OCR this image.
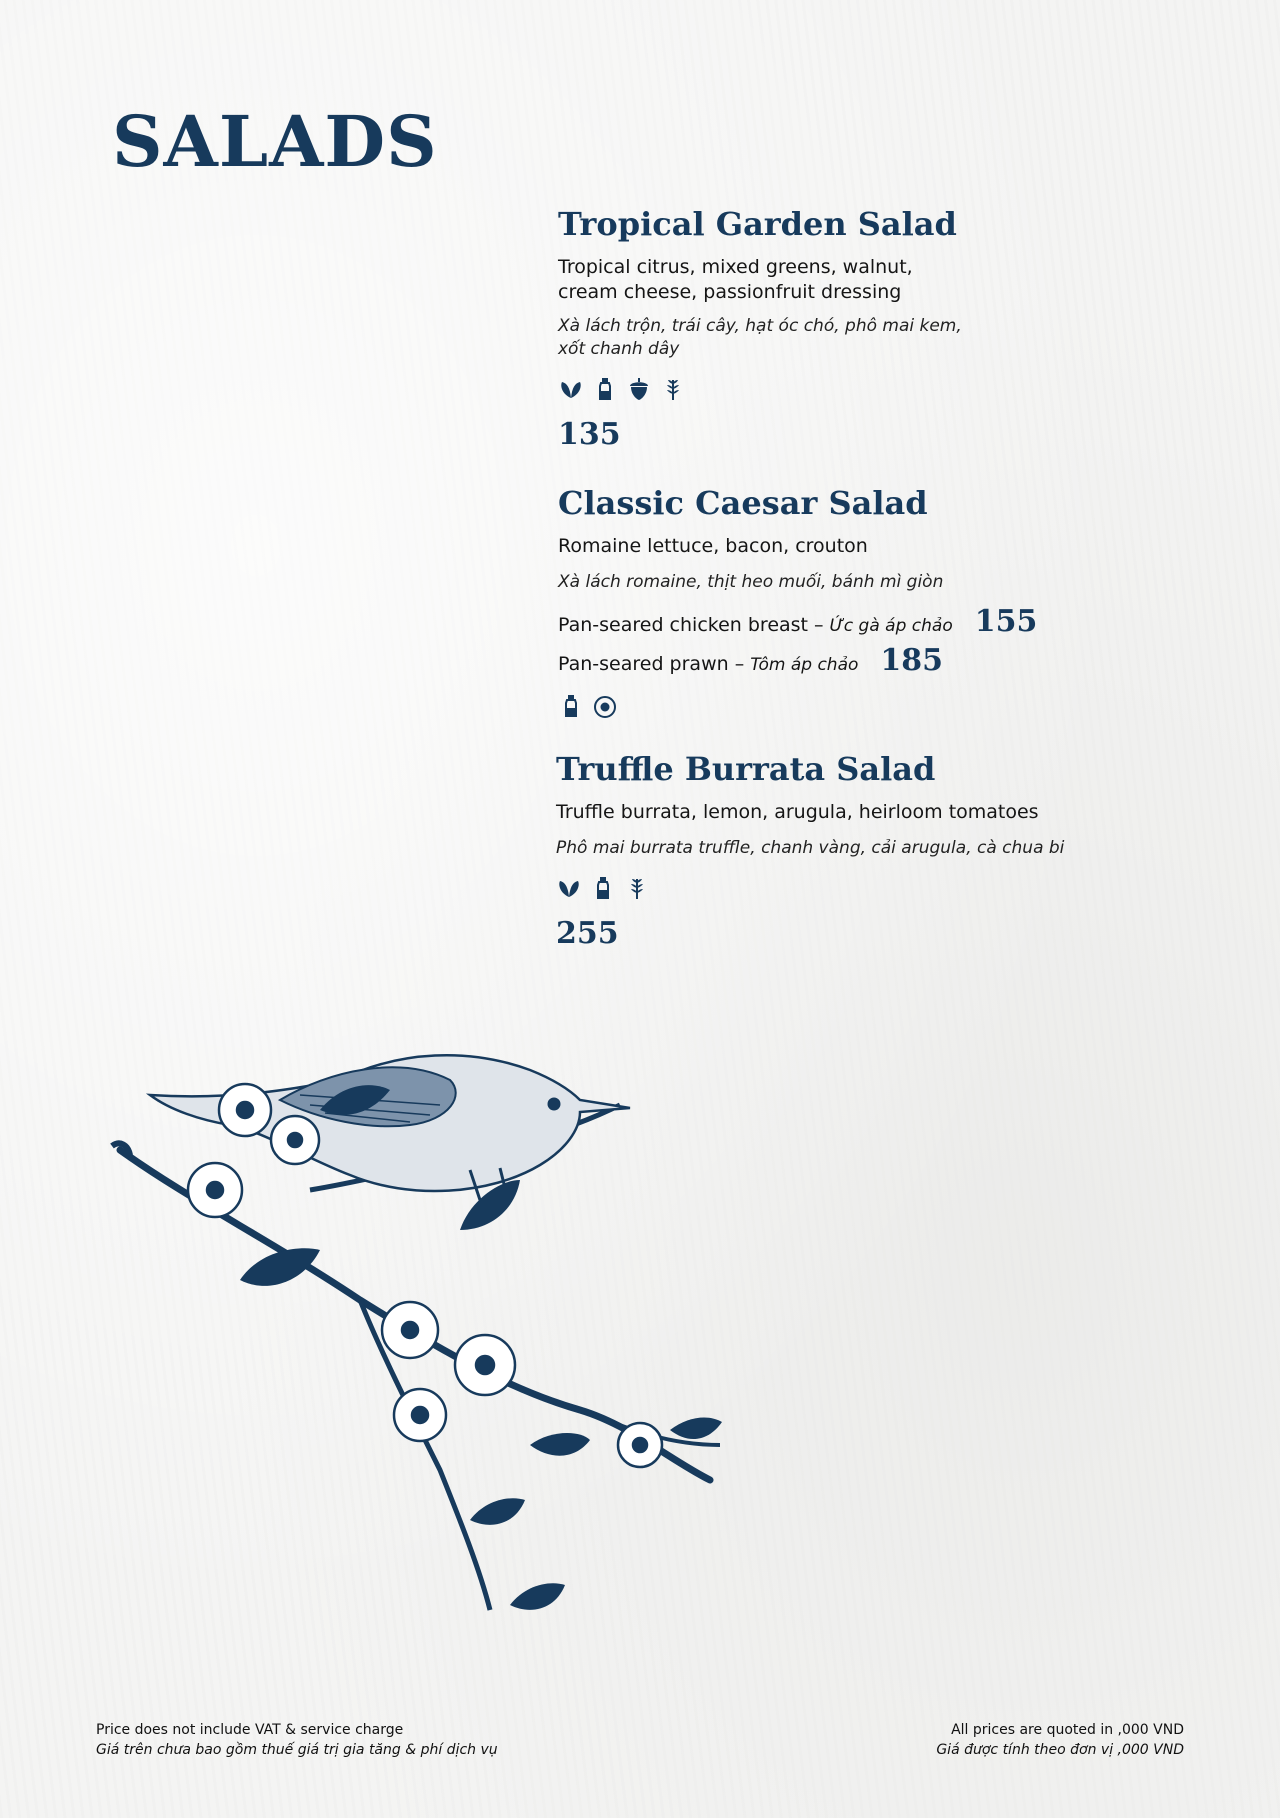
SALADS
Tropical Garden Salad

Tropical citrus, mixed greens, walnut,
cream cheese, passionfruit dressing

Xà lách trộn, trái cây, hạt óc chó, phô mai kem,
xốt chanh dây

135
Classic Caesar Salad

Romaine lettuce, bacon, crouton

Xà lách romaine, thịt heo muối, bánh mì giòn

Pan-seared chicken breast – Ức gà áp chảo 155
Pan-seared prawn – Tôm áp chảo 185
Truffle Burrata Salad

Truffle burrata, lemon, arugula, heirloom tomatoes

Phô mai burrata truffle, chanh vàng, cải arugula, cà chua bi

255
Price does not include VAT & service charge
Giá trên chưa bao gồm thuế giá trị gia tăng & phí dịch vụ
All prices are quoted in ,000 VND
Giá được tính theo đơn vị ,000 VND
